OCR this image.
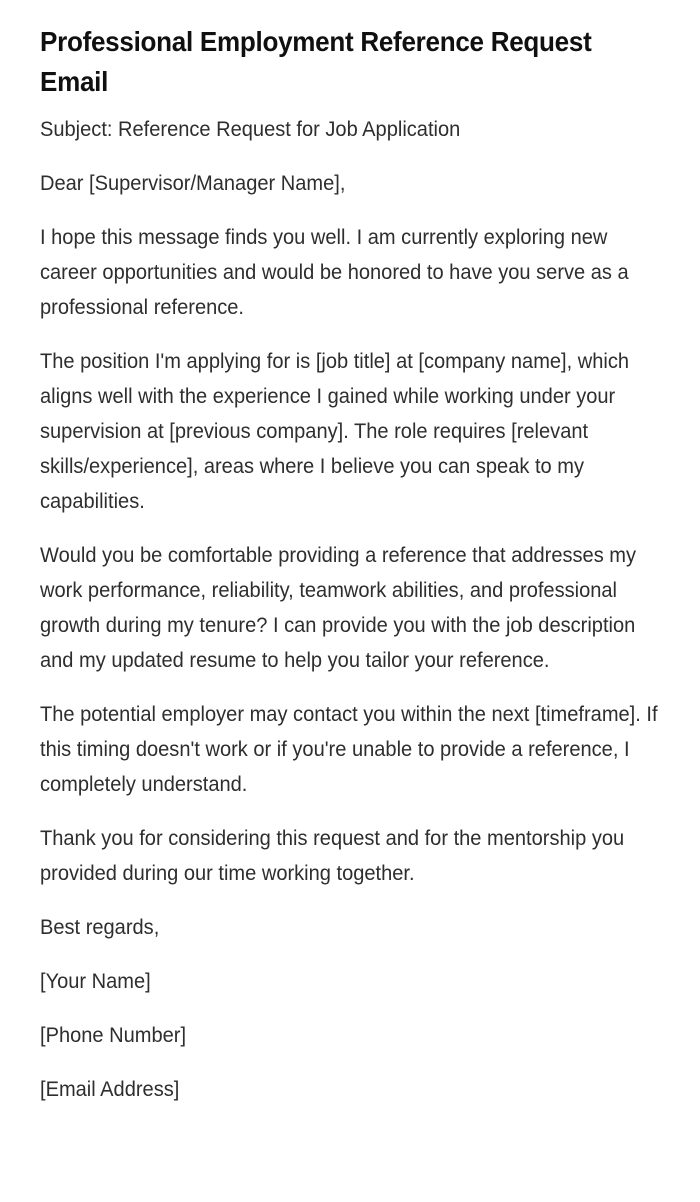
Professional Employment Reference Request Email

Subject: Reference Request for Job Application

Dear [Supervisor/Manager Name],

I hope this message finds you well. I am currently exploring new career opportunities and would be honored to have you serve as a professional reference.

The position I'm applying for is [job title] at [company name], which aligns well with the experience I gained while working under your supervision at [previous company]. The role requires [relevant skills/experience], areas where I believe you can speak to my capabilities.

Would you be comfortable providing a reference that addresses my work performance, reliability, teamwork abilities, and professional growth during my tenure? I can provide you with the job description and my updated resume to help you tailor your reference.

The potential employer may contact you within the next [timeframe]. If this timing doesn't work or if you're unable to provide a reference, I completely understand.

Thank you for considering this request and for the mentorship you provided during our time working together.

Best regards,

[Your Name]

[Phone Number]

[Email Address]
